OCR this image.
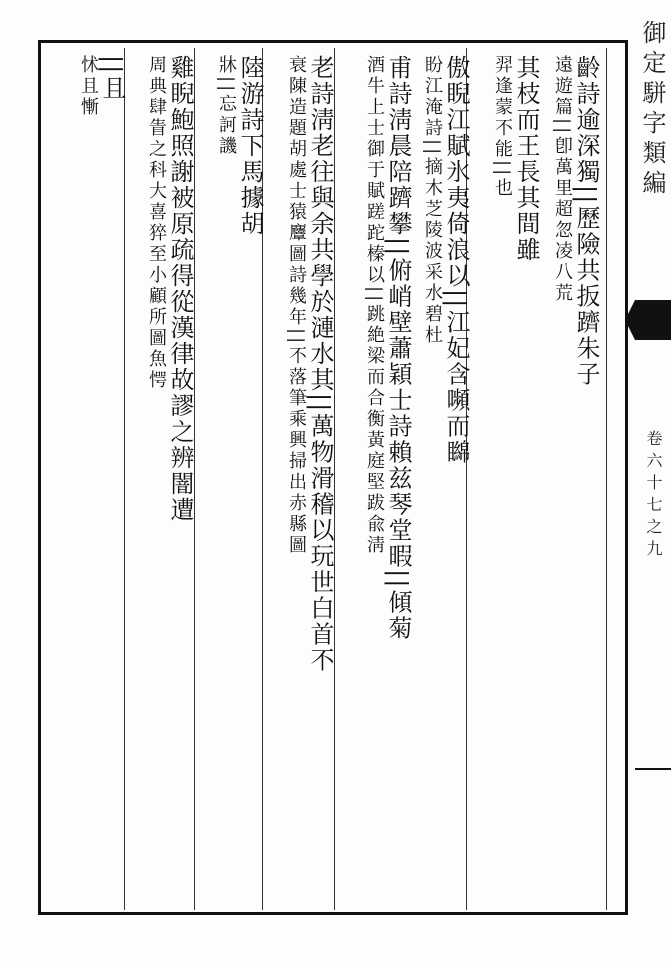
御定駢字類編
卷六十七之九
齡詩逾深獨||歷險共扳躋朱子
遠遊篇||卽萬里超忽凌八荒
其枝而王長其間雖
羿逢蒙不能||也
傲睨江賦氷夷倚浪以||江妃含嚬而矊
盼江淹詩||摘木芝陵波采水碧杜
甫詩淸晨陪躋攀||俯峭壁蕭穎士詩賴兹琴堂暇||傾菊
酒牛上士御于賦蹉跎榛以||跳絶梁而合𧗾黃庭堅跋兪淸
老詩淸老往與余共學於漣水其||萬物滑稽以玩世白首不
衰陳造題胡處士猿麞圖詩幾年||不落筆乘興掃出赤縣圖
陸游詩下馬據胡
牀||忘訶譏
雞睨鮑照謝被原疏得從漢律故謬之辨闇遭
周典肆眚之科大喜猝至小顧所圖魚愕
||且
怵且慚
